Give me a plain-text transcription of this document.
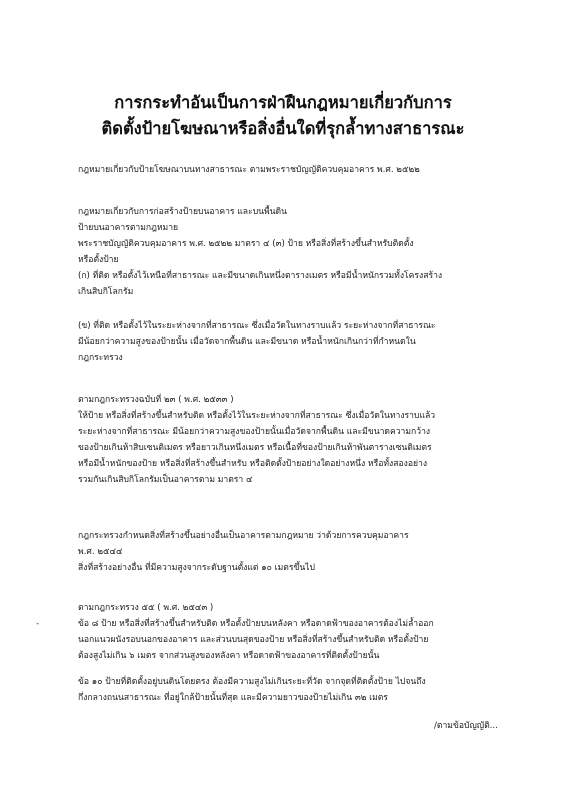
การกระทำอันเป็นการฝ่าฝืนกฎหมายเกี่ยวกับการ
ติดตั้งป้ายโฆษณาหรือสิ่งอื่นใดที่รุกล้ำทางสาธารณะ
กฎหมายเกี่ยวกับป้ายโฆษณาบนทางสาธารณะ ตามพระราชบัญญัติควบคุมอาคาร พ.ศ. ๒๕๒๒
กฎหมายเกี่ยวกับการก่อสร้างป้ายบนอาคาร และบนพื้นดิน
ป้ายบนอาคารตามกฎหมาย
พระราชบัญญัติควบคุมอาคาร พ.ศ. ๒๕๒๒ มาตรา ๔ (๓) ป้าย หรือสิ่งที่สร้างขึ้นสำหรับติดตั้ง
หรือตั้งป้าย
(ก) ที่ติด หรือตั้งไว้เหนือที่สาธารณะ และมีขนาดเกินหนึ่งตารางเมตร หรือมีน้ำหนักรวมทั้งโครงสร้าง
เกินสิบกิโลกรัม
(ข) ที่ติด หรือตั้งไว้ในระยะห่างจากที่สาธารณะ ซึ่งเมื่อวัดในทางราบแล้ว ระยะห่างจากที่สาธารณะ
มีน้อยกว่าความสูงของป้ายนั้น เมื่อวัดจากพื้นดิน และมีขนาด หรือน้ำหนักเกินกว่าที่กำหนดใน
กฎกระทรวง
ตามกฎกระทรวงฉบับที่ ๒๓ ( พ.ศ. ๒๕๓๓ )
ให้ป้าย หรือสิ่งที่สร้างขึ้นสำหรับติด หรือตั้งไว้ในระยะห่างจากที่สาธารณะ ซึ่งเมื่อวัดในทางราบแล้ว
ระยะห่างจากที่สาธารณะ มีน้อยกว่าความสูงของป้ายนั้นเมื่อวัดจากพื้นดิน และมีขนาดความกว้าง
ของป้ายเกินห้าสิบเซนติเมตร หรือยาวเกินหนึ่งเมตร หรือเนื้อที่ของป้ายเกินห้าพันตารางเซนติเมตร
หรือมีน้ำหนักของป้าย หรือสิ่งที่สร้างขึ้นสำหรับ หรือติดตั้งป้ายอย่างใดอย่างหนึ่ง หรือทั้งสองอย่าง
รวมกันเกินสิบกิโลกรัมเป็นอาคารตาม มาตรา ๔
กฎกระทรวงกำหนดสิ่งที่สร้างขึ้นอย่างอื่นเป็นอาคารตามกฎหมาย ว่าด้วยการควบคุมอาคาร
พ.ศ. ๒๕๔๔
สิ่งที่สร้างอย่างอื่น ที่มีความสูงจากระดับฐานตั้งแต่ ๑๐ เมตรขึ้นไป
ตามกฎกระทรวง ๕๕ ( พ.ศ. ๒๕๔๓ )
-	ข้อ ๘ ป้าย หรือสิ่งที่สร้างขึ้นสำหรับติด หรือตั้งป้ายบนหลังคา หรือดาดฟ้าของอาคารต้องไม่ล้ำออก
นอกแนวผนังรอบนอกของอาคาร และส่วนบนสุดของป้าย หรือสิ่งที่สร้างขึ้นสำหรับติด หรือตั้งป้าย
ต้องสูงไม่เกิน ๖ เมตร จากส่วนสูงของหลังคา หรือดาดฟ้าของอาคารที่ติดตั้งป้ายนั้น
ข้อ ๑๐ ป้ายที่ติดตั้งอยู่บนดินโดยตรง ต้องมีความสูงไม่เกินระยะที่วัด จากจุดที่ติดตั้งป้าย ไปจนถึง
กึ่งกลางถนนสาธารณะ ที่อยู่ใกล้ป้ายนั้นที่สุด และมีความยาวของป้ายไม่เกิน ๓๒ เมตร
/ตามข้อบัญญัติ...
